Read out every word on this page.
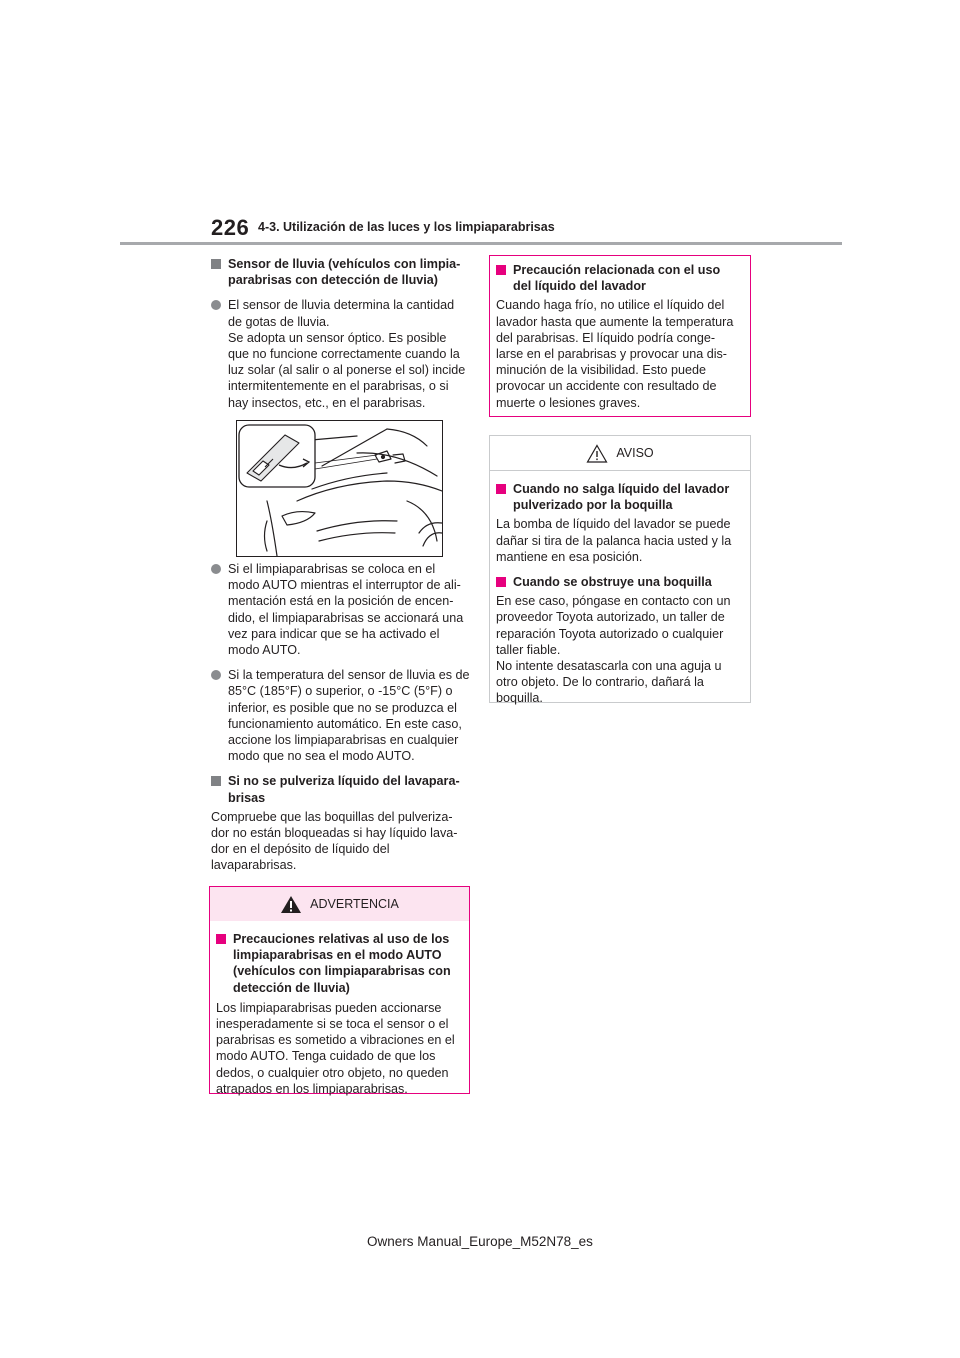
226 4-3. Utilización de las luces y los limpiaparabrisas

Sensor de lluvia (vehículos con limpia-
parabrisas con detección de lluvia)

El sensor de lluvia determina la cantidad
de gotas de lluvia.
Se adopta un sensor óptico. Es posible
que no funcione correctamente cuando la
luz solar (al salir o al ponerse el sol) incide
intermitentemente en el parabrisas, o si
hay insectos, etc., en el parabrisas.

Si el limpiaparabrisas se coloca en el
modo AUTO mientras el interruptor de ali-
mentación está en la posición de encen-
dido, el limpiaparabrisas se accionará una
vez para indicar que se ha activado el
modo AUTO.

Si la temperatura del sensor de lluvia es de
85°C (185°F) o superior, o -15°C (5°F) o
inferior, es posible que no se produzca el
funcionamiento automático. En este caso,
accione los limpiaparabrisas en cualquier
modo que no sea el modo AUTO.

Si no se pulveriza líquido del lavapara-
brisas

Compruebe que las boquillas del pulveriza-
dor no están bloqueadas si hay líquido lava-
dor en el depósito de líquido del
lavaparabrisas.

ADVERTENCIA

Precauciones relativas al uso de los
limpiaparabrisas en el modo AUTO
(vehículos con limpiaparabrisas con
detección de lluvia)

Los limpiaparabrisas pueden accionarse
inesperadamente si se toca el sensor o el
parabrisas es sometido a vibraciones en el
modo AUTO. Tenga cuidado de que los
dedos, o cualquier otro objeto, no queden
atrapados en los limpiaparabrisas.

Precaución relacionada con el uso
del líquido del lavador

Cuando haga frío, no utilice el líquido del
lavador hasta que aumente la temperatura
del parabrisas. El líquido podría conge-
larse en el parabrisas y provocar una dis-
minución de la visibilidad. Esto puede
provocar un accidente con resultado de
muerte o lesiones graves.

AVISO

Cuando no salga líquido del lavador
pulverizado por la boquilla

La bomba de líquido del lavador se puede
dañar si tira de la palanca hacia usted y la
mantiene en esa posición.

Cuando se obstruye una boquilla

En ese caso, póngase en contacto con un
proveedor Toyota autorizado, un taller de
reparación Toyota autorizado o cualquier
taller fiable.
No intente desatascarla con una aguja u
otro objeto. De lo contrario, dañará la
boquilla.

Owners Manual_Europe_M52N78_es
